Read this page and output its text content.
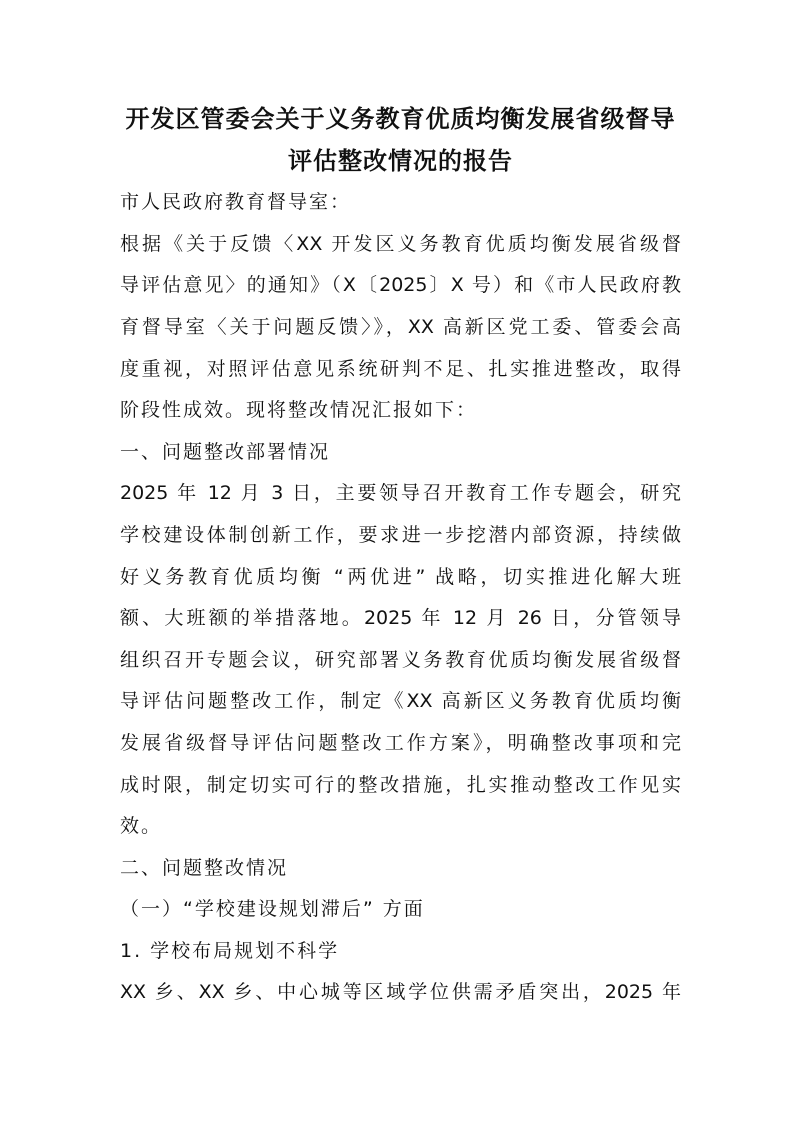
开发区管委会关于义务教育优质均衡发展省级督导
评估整改情况的报告
市人民政府教育督导室：
根据《关于反馈〈XX 开发区义务教育优质均衡发展省级督
导评估意见〉的通知》（X〔2025〕X 号）和《市人民政府教
育督导室〈关于问题反馈〉》，XX 高新区党工委、管委会高
度重视，对照评估意见系统研判不足、扎实推进整改，取得
阶段性成效。现将整改情况汇报如下：
一、问题整改部署情况
2025 年 12 月 3 日，主要领导召开教育工作专题会，研究
学校建设体制创新工作，要求进一步挖潜内部资源，持续做
好义务教育优质均衡 “两优进” 战略，切实推进化解大班
额、大班额的举措落地。2025 年 12 月 26 日，分管领导
组织召开专题会议，研究部署义务教育优质均衡发展省级督
导评估问题整改工作，制定《XX 高新区义务教育优质均衡
发展省级督导评估问题整改工作方案》，明确整改事项和完
成时限，制定切实可行的整改措施，扎实推动整改工作见实
效。
二、问题整改情况
（一）“学校建设规划滞后” 方面
1. 学校布局规划不科学
XX 乡、XX 乡、中心城等区域学位供需矛盾突出，2025 年
